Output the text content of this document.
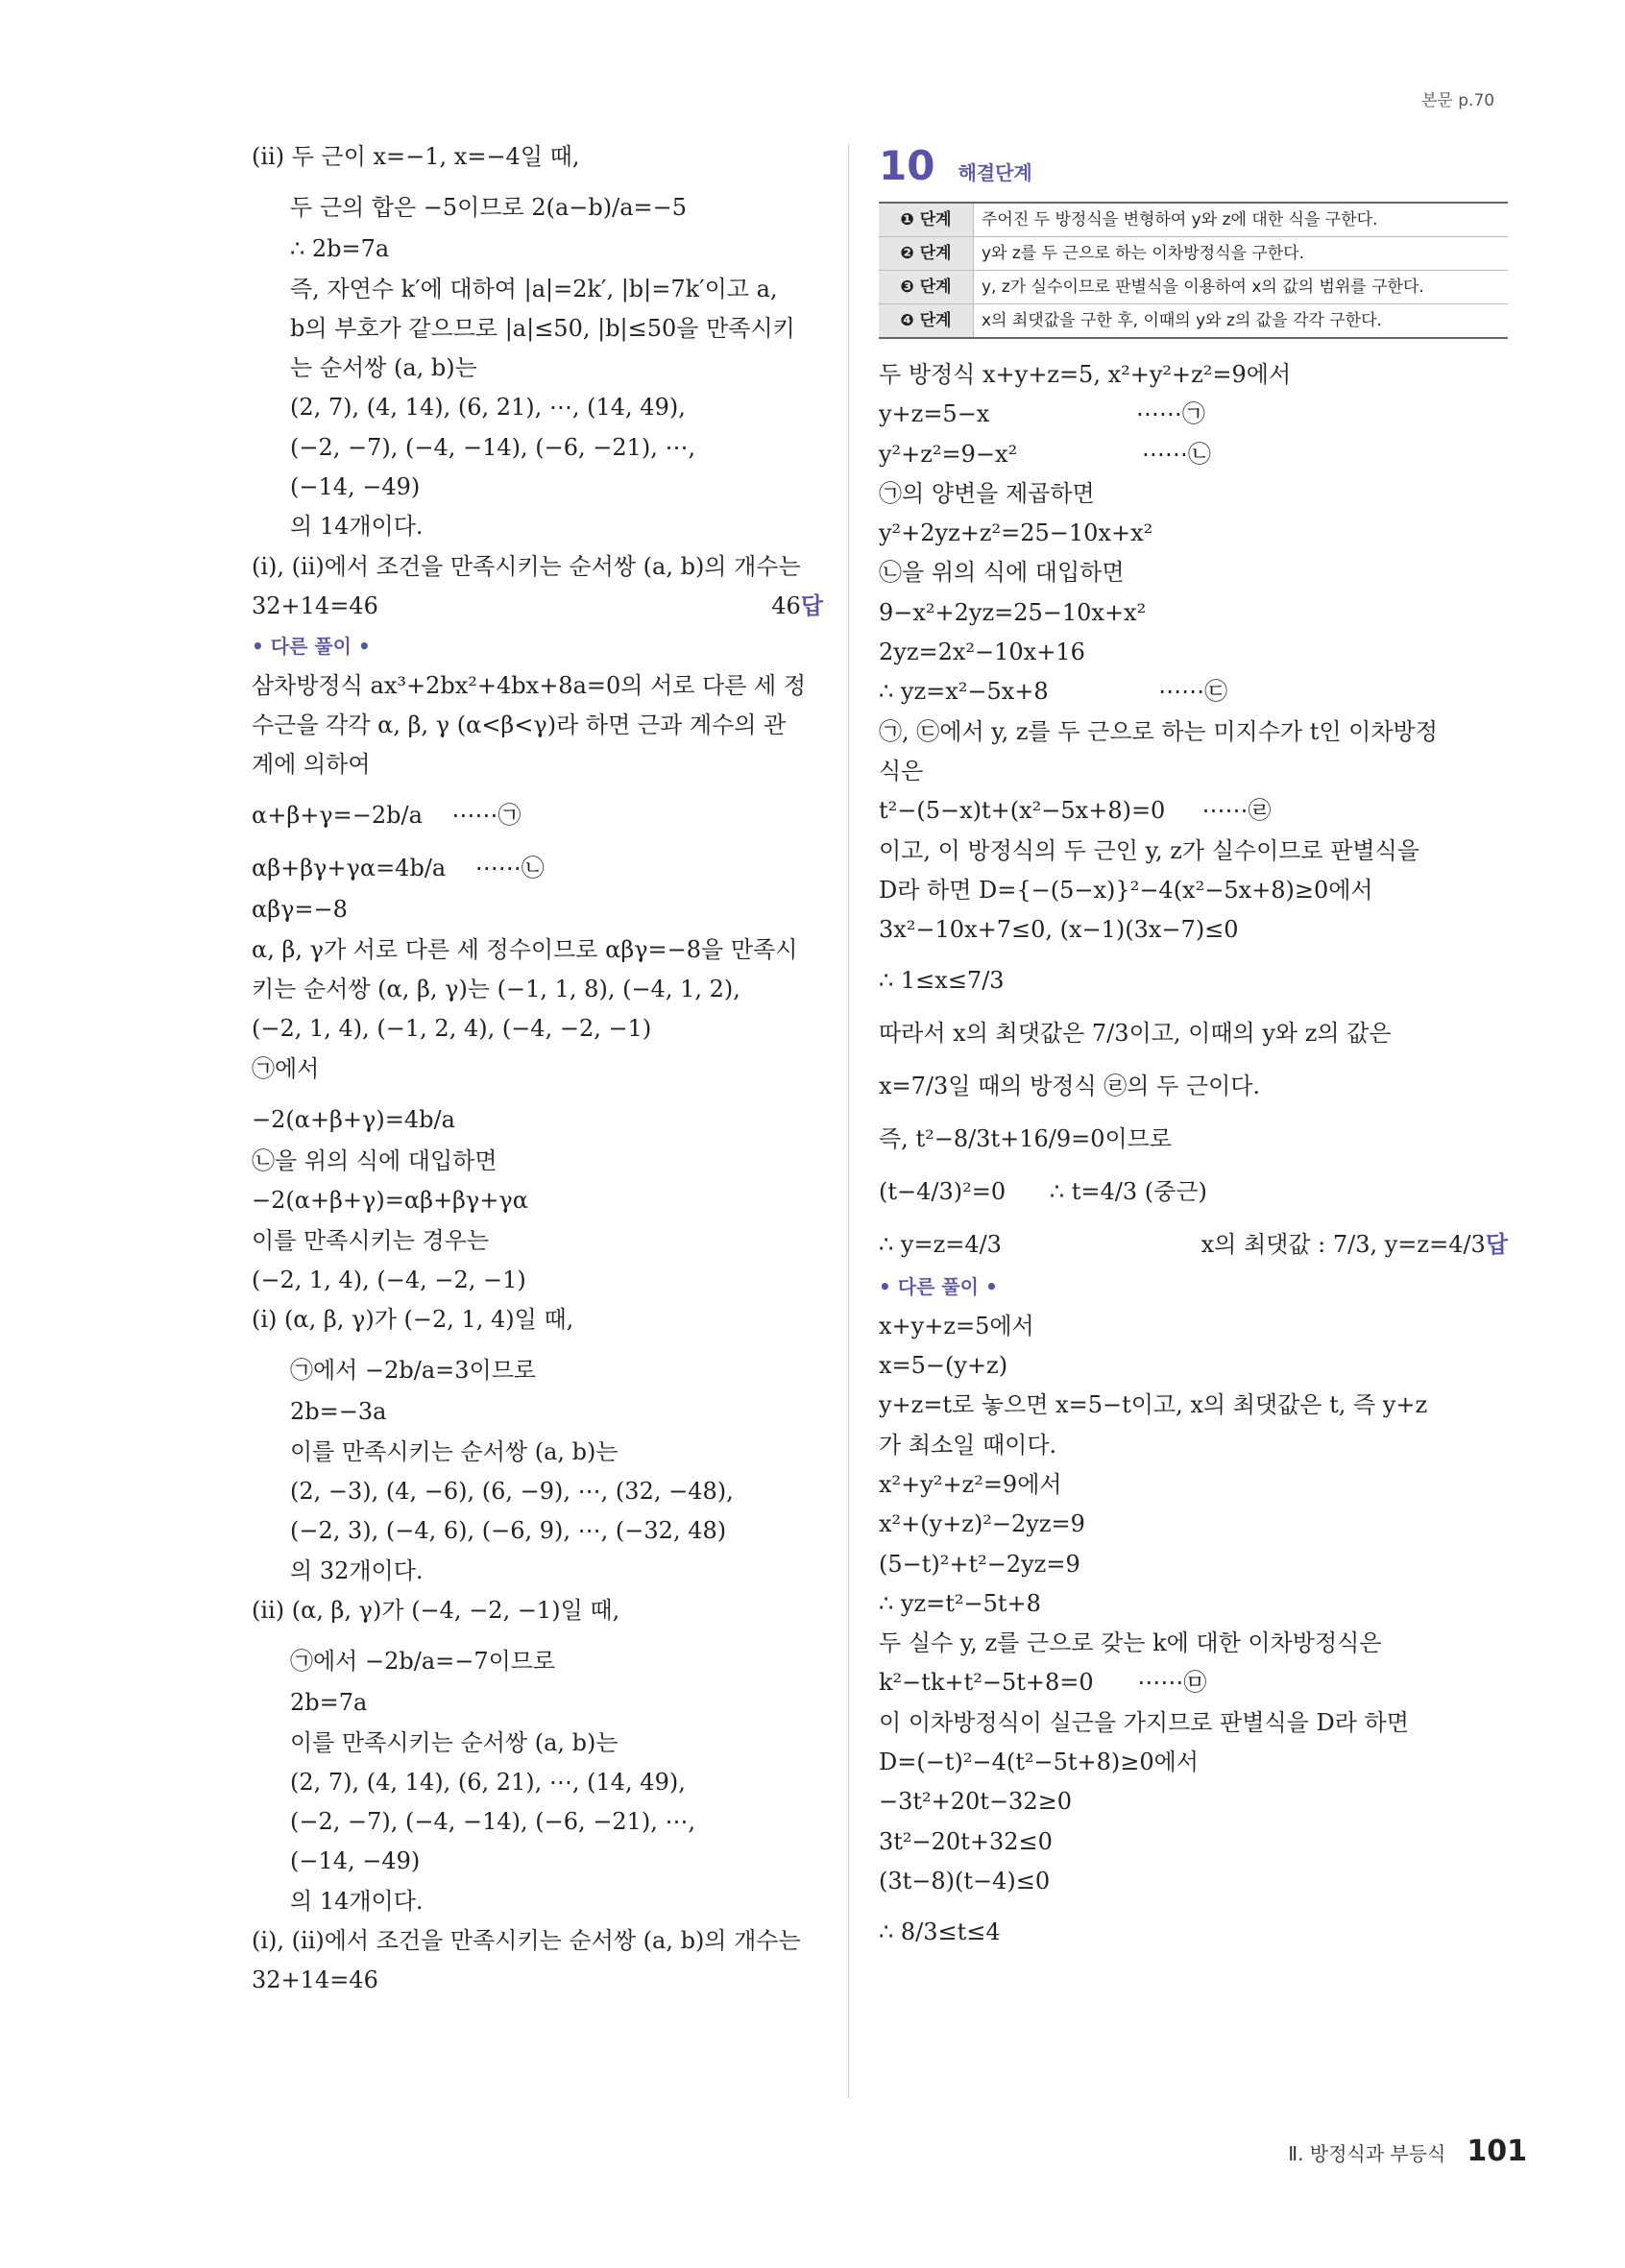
본문 p.70
(ⅱ) 두 근이 x=−1, x=−4일 때,
두 근의 합은 −5이므로 2(a−b)/a=−5
∴ 2b=7a
즉, 자연수 k′에 대하여 |a|=2k′, |b|=7k′이고 a,
b의 부호가 같으므로 |a|≤50, |b|≤50을 만족시키
는 순서쌍 (a, b)는
(2, 7), (4, 14), (6, 21), ⋯, (14, 49),
(−2, −7), (−4, −14), (−6, −21), ⋯,
(−14, −49)
의 14개이다.
(ⅰ), (ⅱ)에서 조건을 만족시키는 순서쌍 (a, b)의 개수는
답
46
32+14=46
• 다른 풀이 •
삼차방정식 ax³+2bx²+4bx+8a=0의 서로 다른 세 정
수근을 각각 α, β, γ (α<β<γ)라 하면 근과 계수의 관
계에 의하여
α+β+γ=−2b/a    ⋯⋯㉠
αβ+βγ+γα=4b/a    ⋯⋯㉡
αβγ=−8
α, β, γ가 서로 다른 세 정수이므로 αβγ=−8을 만족시
키는 순서쌍 (α, β, γ)는 (−1, 1, 8), (−4, 1, 2),
(−2, 1, 4), (−1, 2, 4), (−4, −2, −1)
㉠에서
−2(α+β+γ)=4b/a
㉡을 위의 식에 대입하면
−2(α+β+γ)=αβ+βγ+γα
이를 만족시키는 경우는
(−2, 1, 4), (−4, −2, −1)
(ⅰ) (α, β, γ)가 (−2, 1, 4)일 때,
㉠에서 −2b/a=3이므로
2b=−3a
이를 만족시키는 순서쌍 (a, b)는
(2, −3), (4, −6), (6, −9), ⋯, (32, −48),
(−2, 3), (−4, 6), (−6, 9), ⋯, (−32, 48)
의 32개이다.
(ⅱ) (α, β, γ)가 (−4, −2, −1)일 때,
㉠에서 −2b/a=−7이므로
2b=7a
이를 만족시키는 순서쌍 (a, b)는
(2, 7), (4, 14), (6, 21), ⋯, (14, 49),
(−2, −7), (−4, −14), (−6, −21), ⋯,
(−14, −49)
의 14개이다.
(ⅰ), (ⅱ)에서 조건을 만족시키는 순서쌍 (a, b)의 개수는
32+14=46
10 해결단계
❶ 단계	주어진 두 방정식을 변형하여 y와 z에 대한 식을 구한다.
❷ 단계	y와 z를 두 근으로 하는 이차방정식을 구한다.
❸ 단계	y, z가 실수이므로 판별식을 이용하여 x의 값의 범위를 구한다.
❹ 단계	x의 최댓값을 구한 후, 이때의 y와 z의 값을 각각 구한다.
두 방정식 x+y+z=5, x²+y²+z²=9에서
y+z=5−x                    ⋯⋯㉠
y²+z²=9−x²                 ⋯⋯㉡
㉠의 양변을 제곱하면
y²+2yz+z²=25−10x+x²
㉡을 위의 식에 대입하면
9−x²+2yz=25−10x+x²
2yz=2x²−10x+16
∴ yz=x²−5x+8               ⋯⋯㉢
㉠, ㉢에서 y, z를 두 근으로 하는 미지수가 t인 이차방정
식은
t²−(5−x)t+(x²−5x+8)=0     ⋯⋯㉣
이고, 이 방정식의 두 근인 y, z가 실수이므로 판별식을
D라 하면 D={−(5−x)}²−4(x²−5x+8)≥0에서
3x²−10x+7≤0, (x−1)(3x−7)≤0
∴ 1≤x≤7/3
따라서 x의 최댓값은 7/3이고, 이때의 y와 z의 값은
x=7/3일 때의 방정식 ㉣의 두 근이다.
즉, t²−8/3t+16/9=0이므로
(t−4/3)²=0      ∴ t=4/3 (중근)
답
x의 최댓값 : 7/3, y=z=4/3
∴ y=z=4/3
• 다른 풀이 •
x+y+z=5에서
x=5−(y+z)
y+z=t로 놓으면 x=5−t이고, x의 최댓값은 t, 즉 y+z
가 최소일 때이다.
x²+y²+z²=9에서
x²+(y+z)²−2yz=9
(5−t)²+t²−2yz=9
∴ yz=t²−5t+8
두 실수 y, z를 근으로 갖는 k에 대한 이차방정식은
k²−tk+t²−5t+8=0      ⋯⋯㉤
이 이차방정식이 실근을 가지므로 판별식을 D라 하면
D=(−t)²−4(t²−5t+8)≥0에서
−3t²+20t−32≥0
3t²−20t+32≤0
(3t−8)(t−4)≤0
∴ 8/3≤t≤4
Ⅱ. 방정식과 부등식 101
